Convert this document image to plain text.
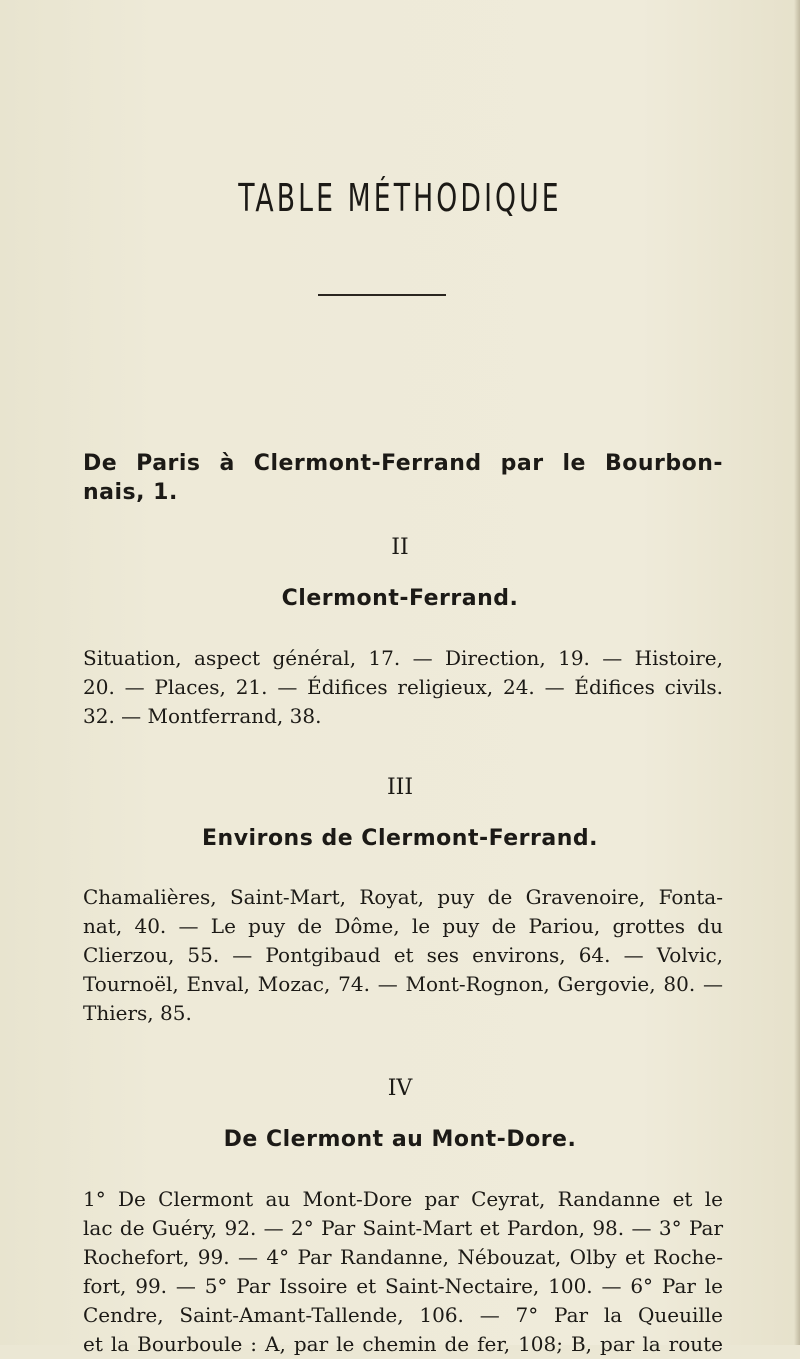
TABLE MÉTHODIQUE
De Paris à Clermont-Ferrand par le Bourbon-
nais, 1.
II
Clermont-Ferrand.
Situation, aspect général, 17. — Direction, 19. — Histoire,
20. — Places, 21. — Édifices religieux, 24. — Édifices civils.
32. — Montferrand, 38.
III
Environs de Clermont-Ferrand.
Chamalières, Saint-Mart, Royat, puy de Gravenoire, Fonta-
nat, 40. — Le puy de Dôme, le puy de Pariou, grottes du
Clierzou, 55. — Pontgibaud et ses environs, 64. — Volvic,
Tournoël, Enval, Mozac, 74. — Mont-Rognon, Gergovie, 80. —
Thiers, 85.
IV
De Clermont au Mont-Dore.
1° De Clermont au Mont-Dore par Ceyrat, Randanne et le
lac de Guéry, 92. — 2° Par Saint-Mart et Pardon, 98. — 3° Par
Rochefort, 99. — 4° Par Randanne, Nébouzat, Olby et Roche-
fort, 99. — 5° Par Issoire et Saint-Nectaire, 100. — 6° Par le
Cendre, Saint-Amant-Tallende, 106. — 7° Par la Queuille
et la Bourboule : A, par le chemin de fer, 108; B, par la route
